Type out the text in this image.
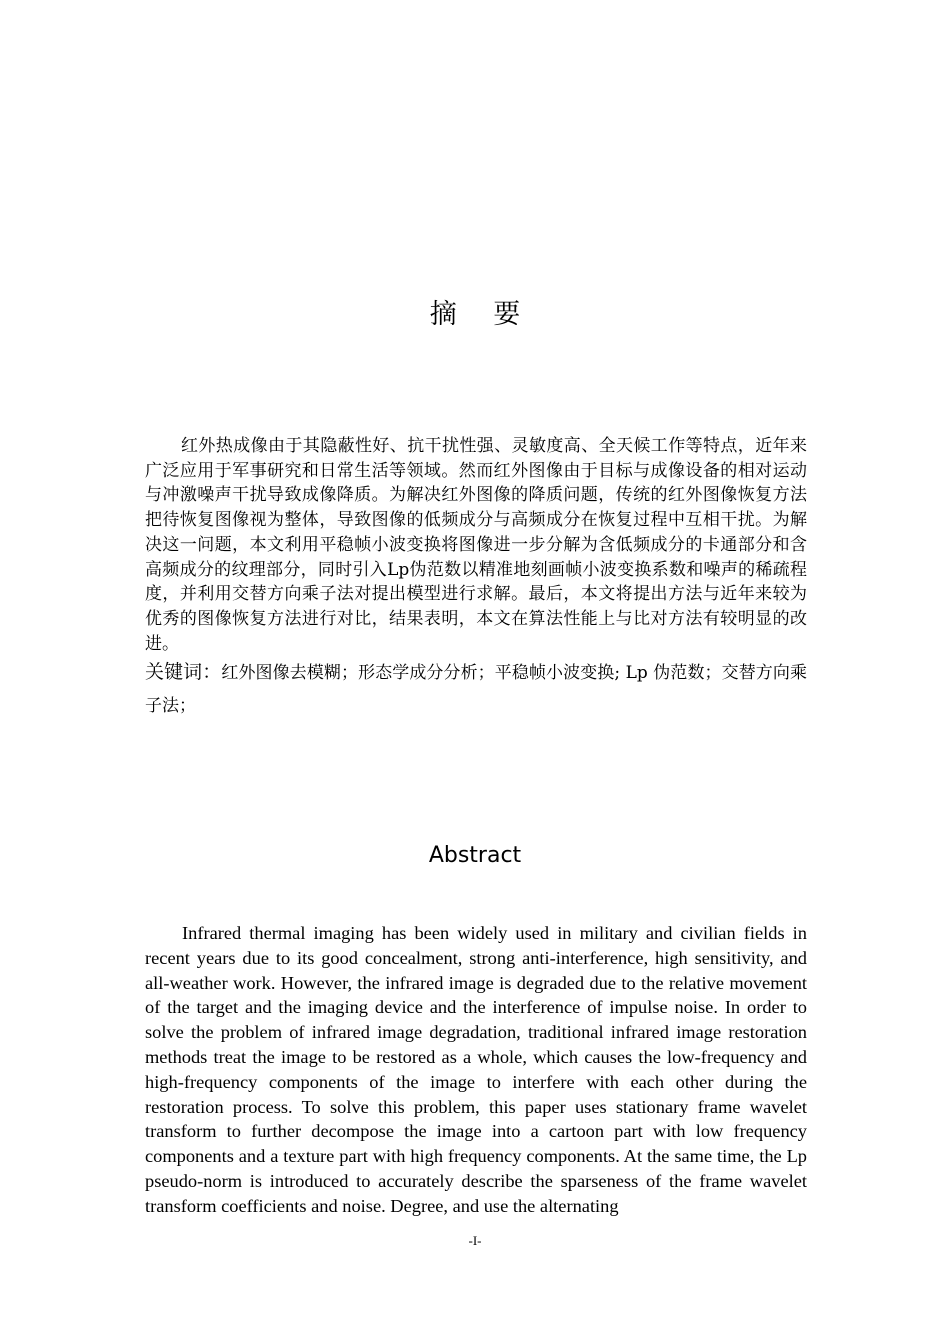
摘 要

红外热成像由于其隐蔽性好、抗干扰性强、灵敏度高、全天候工作等特点，近年来广泛应用于军事研究和日常生活等领域。然而红外图像由于目标与成像设备的相对运动与冲激噪声干扰导致成像降质。为解决红外图像的降质问题，传统的红外图像恢复方法把待恢复图像视为整体，导致图像的低频成分与高频成分在恢复过程中互相干扰。为解决这一问题，本文利用平稳帧小波变换将图像进一步分解为含低频成分的卡通部分和含高频成分的纹理部分，同时引入Lp伪范数以精准地刻画帧小波变换系数和噪声的稀疏程度，并利用交替方向乘子法对提出模型进行求解。最后，本文将提出方法与近年来较为优秀的图像恢复方法进行对比，结果表明，本文在算法性能上与比对方法有较明显的改进。

关键词：红外图像去模糊；形态学成分分析；平稳帧小波变换; Lp 伪范数；交替方向乘子法；

Abstract

Infrared thermal imaging has been widely used in military and civilian fields in recent years due to its good concealment, strong anti-interference, high sensitivity, and all-weather work. However, the infrared image is degraded due to the relative movement of the target and the imaging device and the interference of impulse noise. In order to solve the problem of infrared image degradation, traditional infrared image restoration methods treat the image to be restored as a whole, which causes the low-frequency and high-frequency components of the image to interfere with each other during the restoration process. To solve this problem, this paper uses stationary frame wavelet transform to further decompose the image into a cartoon part with low frequency components and a texture part with high frequency components. At the same time, the Lp pseudo-norm is introduced to accurately describe the sparseness of the frame wavelet transform coefficients and noise. Degree, and use the alternating

-I-
